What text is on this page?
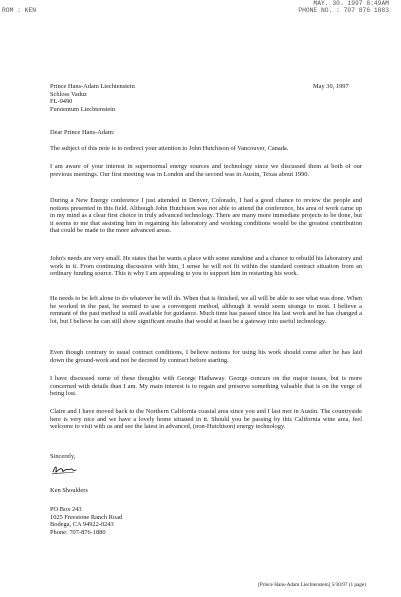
ROM : KEN
MAY. 30. 1997 8:49AM
PHONE NO. : 707 876 1883
Prince Hans-Adam Liechtenstein
Schloss Vaduz
FL-9490
Furstentum Liechtenstein
May 30, 1997
Dear Prince Hans-Adam:
The subject of this note is to redirect your attention to John Hutchison of Vancouver, Canada.
I am aware of your interest in supernormal energy sources and technology since we discussed them at both of our previous meetings. Our first meeting was in London and the second was in Austin, Texas about 1990.
During a New Energy conference I just attended in Denver, Colorado, I had a good chance to review the people and notions presented in this field. Although John Hutchison was not able to attend the conference, his area of work came up in my mind as a clear first choice in truly advanced technology. There are many more immediate projects to be done, but it seems to me that assisting him in regaining his laboratory and working conditions would be the greatest contribution that could be made to the more advanced areas.
John's needs are very small. He states that he wants a place with some sunshine and a chance to rebuild his laboratory and work in it. From continuing discussion with him, I sense he will not fit within the standard contract situation from an ordinary funding source. This is why I am appealing to you to support him in restarting his work.
He needs to be left alone to do whatever he will do. When that is finished, we all will be able to see what was done. When he worked in the past, he seemed to use a convergent method, although it would seem strange to most. I believe a remnant of the past method is still available for guidance. Much time has passed since his last work and he has changed a lot, but I believe he can still show significant results that would at least be a gateway into useful technology.
Even though contrary to usual contract conditions, I believe notions for using his work should come after he has laid down the ground-work and not be decreed by contract before starting.
I have discussed some of these thoughts with George Hathaway. George concurs on the major issues, but is more concerned with details than I am. My main interest is to regain and preserve something valuable that is on the verge of being lost.
Claire and I have moved back to the Northern California coastal area since you and I last met in Austin. The countryside here is very nice and we have a lovely home situated in it. Should you be passing by this California wine area, feel welcome to visit with us and see the latest in advanced, (non-Hutchison) energy technology.
Sincerely,
Ken Shoulders
PO Box 243
1025 Freestone Ranch Road
Bodega, CA 94922-0243
Phone: 707-876-1880
[Prince Hans-Adam Liechtenstein] 5/30/97 (1 page)
